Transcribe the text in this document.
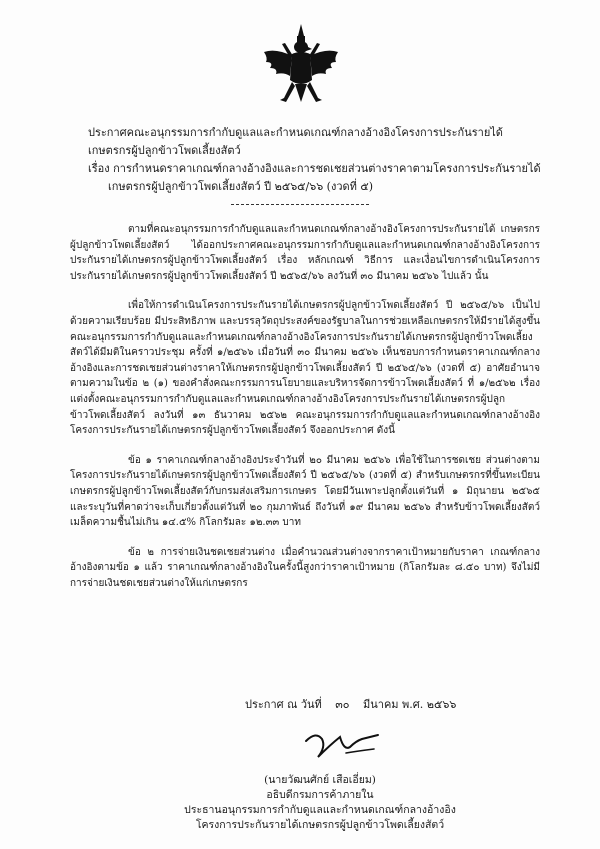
ประกาศคณะอนุกรรมการกำกับดูแลและกำหนดเกณฑ์กลางอ้างอิงโครงการประกันรายได้
เกษตรกรผู้ปลูกข้าวโพดเลี้ยงสัตว์
เรื่อง การกำหนดราคาเกณฑ์กลางอ้างอิงและการชดเชยส่วนต่างราคาตามโครงการประกันรายได้
เกษตรกรผู้ปลูกข้าวโพดเลี้ยงสัตว์ ปี ๒๕๖๕/๖๖ (งวดที่ ๕)

ตามที่คณะอนุกรรมการกำกับดูแลและกำหนดเกณฑ์กลางอ้างอิงโครงการประกันรายได้ เกษตรกรผู้ปลูกข้าวโพดเลี้ยงสัตว์ ได้ออกประกาศคณะอนุกรรมการกำกับดูแลและกำหนดเกณฑ์กลางอ้างอิงโครงการประกันรายได้เกษตรกรผู้ปลูกข้าวโพดเลี้ยงสัตว์ เรื่อง หลักเกณฑ์ วิธีการ และเงื่อนไขการดำเนินโครงการประกันรายได้เกษตรกรผู้ปลูกข้าวโพดเลี้ยงสัตว์ ปี ๒๕๖๕/๖๖ ลงวันที่ ๓๐ มีนาคม ๒๕๖๖ ไปแล้ว นั้น

เพื่อให้การดำเนินโครงการประกันรายได้เกษตรกรผู้ปลูกข้าวโพดเลี้ยงสัตว์ ปี ๒๕๖๕/๖๖ เป็นไปด้วยความเรียบร้อย มีประสิทธิภาพ และบรรลุวัตถุประสงค์ของรัฐบาลในการช่วยเหลือเกษตรกรให้มีรายได้สูงขึ้น คณะอนุกรรมการกำกับดูแลและกำหนดเกณฑ์กลางอ้างอิงโครงการประกันรายได้เกษตรกรผู้ปลูกข้าวโพดเลี้ยงสัตว์ได้มีมติในคราวประชุม ครั้งที่ ๑/๒๕๖๖ เมื่อวันที่ ๓๐ มีนาคม ๒๕๖๖ เห็นชอบการกำหนดราคาเกณฑ์กลางอ้างอิงและการชดเชยส่วนต่างราคาให้เกษตรกรผู้ปลูกข้าวโพดเลี้ยงสัตว์ ปี ๒๕๖๕/๖๖ (งวดที่ ๕) อาศัยอำนาจตามความในข้อ ๒ (๑) ของคำสั่งคณะกรรมการนโยบายและบริหารจัดการข้าวโพดเลี้ยงสัตว์ ที่ ๑/๒๕๖๒ เรื่อง แต่งตั้งคณะอนุกรรมการกำกับดูแลและกำหนดเกณฑ์กลางอ้างอิงโครงการประกันรายได้เกษตรกรผู้ปลูกข้าวโพดเลี้ยงสัตว์ ลงวันที่ ๑๓ ธันวาคม ๒๕๖๒ คณะอนุกรรมการกำกับดูแลและกำหนดเกณฑ์กลางอ้างอิงโครงการประกันรายได้เกษตรกรผู้ปลูกข้าวโพดเลี้ยงสัตว์ จึงออกประกาศ ดังนี้

ข้อ ๑ ราคาเกณฑ์กลางอ้างอิงประจำวันที่ ๒๐ มีนาคม ๒๕๖๖ เพื่อใช้ในการชดเชย ส่วนต่างตามโครงการประกันรายได้เกษตรกรผู้ปลูกข้าวโพดเลี้ยงสัตว์ ปี ๒๕๖๕/๖๖ (งวดที่ ๕) สำหรับเกษตรกรที่ขึ้นทะเบียนเกษตรกรผู้ปลูกข้าวโพดเลี้ยงสัตว์กับกรมส่งเสริมการเกษตร โดยมีวันเพาะปลูกตั้งแต่วันที่ ๑ มิถุนายน ๒๕๖๕ และระบุวันที่คาดว่าจะเก็บเกี่ยวตั้งแต่วันที่ ๒๐ กุมภาพันธ์ ถึงวันที่ ๑๙ มีนาคม ๒๕๖๖ สำหรับข้าวโพดเลี้ยงสัตว์เมล็ดความชื้นไม่เกิน ๑๔.๕% กิโลกรัมละ ๑๒.๓๓ บาท

ข้อ ๒ การจ่ายเงินชดเชยส่วนต่าง เมื่อคำนวณส่วนต่างจากราคาเป้าหมายกับราคา เกณฑ์กลางอ้างอิงตามข้อ ๑ แล้ว ราคาเกณฑ์กลางอ้างอิงในครั้งนี้สูงกว่าราคาเป้าหมาย (กิโลกรัมละ ๘.๕๐ บาท) จึงไม่มีการจ่ายเงินชดเชยส่วนต่างให้แก่เกษตรกร

ประกาศ ณ วันที่ ๓๐ มีนาคม พ.ศ. ๒๕๖๖
(นายวัฒนศักย์ เสือเอี่ยม)
อธิบดีกรมการค้าภายใน
ประธานอนุกรรมการกำกับดูแลและกำหนดเกณฑ์กลางอ้างอิง
โครงการประกันรายได้เกษตรกรผู้ปลูกข้าวโพดเลี้ยงสัตว์
